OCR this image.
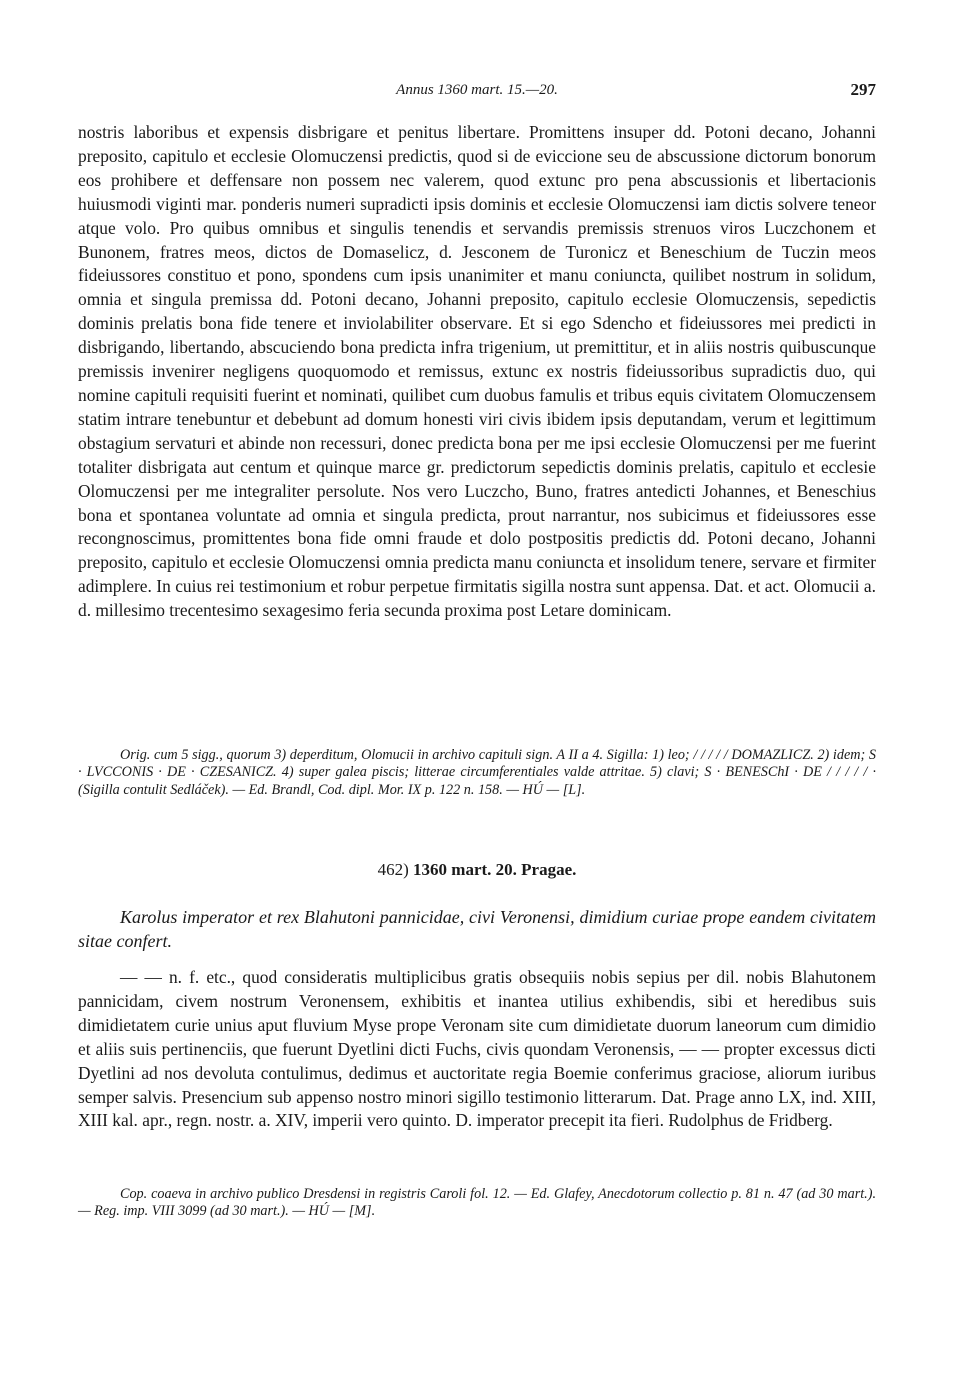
Annus 1360 mart. 15.—20.	297

nostris laboribus et expensis disbrigare et penitus libertare. Promittens insuper dd. Potoni decano, Johanni preposito, capitulo et ecclesie Olomuczensi predictis, quod si de eviccione seu de abscussione dictorum bonorum eos prohibere et deffensare non possem nec valerem, quod extunc pro pena abscussionis et libertacionis huiusmodi viginti mar. ponderis numeri supradicti ipsis dominis et ecclesie Olomuczensi iam dictis solvere teneor atque volo. Pro quibus omnibus et singulis tenendis et servandis premissis strenuos viros Luczchonem et Bunonem, fratres meos, dictos de Domaselicz, d. Jesconem de Turonicz et Beneschium de Tuczin meos fideiussores constituo et pono, spondens cum ipsis unanimiter et manu coniuncta, quilibet nostrum in solidum, omnia et singula premissa dd. Potoni decano, Johanni preposito, capitulo ecclesie Olomuczensis, sepedictis dominis prelatis bona fide tenere et inviolabiliter observare. Et si ego Sdencho et fideiussores mei predicti in disbrigando, libertando, abscuciendo bona predicta infra trigenium, ut premittitur, et in aliis nostris quibuscunque premissis invenirer negligens quoquomodo et remissus, extunc ex nostris fideiussoribus supradictis duo, qui nomine capituli requisiti fuerint et nominati, quilibet cum duobus famulis et tribus equis civitatem Olomuczensem statim intrare tenebuntur et debebunt ad domum honesti viri civis ibidem ipsis deputandam, verum et legittimum obstagium servaturi et abinde non recessuri, donec predicta bona per me ipsi ecclesie Olomuczensi per me fuerint totaliter disbrigata aut centum et quinque marce gr. predictorum sepedictis dominis prelatis, capitulo et ecclesie Olomuczensi per me integraliter persolute. Nos vero Luczcho, Buno, fratres antedicti Johannes, et Beneschius bona et spontanea voluntate ad omnia et singula predicta, prout narrantur, nos subicimus et fideiussores esse recongnoscimus, promittentes bona fide omni fraude et dolo postpositis predictis dd. Potoni decano, Johanni preposito, capitulo et ecclesie Olomuczensi omnia predicta manu coniuncta et insolidum tenere, servare et firmiter adimplere. In cuius rei testimonium et robur perpetue firmitatis sigilla nostra sunt appensa. Dat. et act. Olomucii a. d. millesimo trecentesimo sexagesimo feria secunda proxima post Letare dominicam.

Orig. cum 5 sigg., quorum 3) deperditum, Olomucii in archivo capituli sign. A II a 4. Sigilla: 1) leo; / / / / / DOMAZLICZ. 2) idem; S · LVCCONIS · DE · CZESANICZ. 4) super galea piscis; litterae circumferentiales valde attritae. 5) clavi; S · BENESChI · DE / / / / / · (Sigilla contulit Sedláček). — Ed. Brandl, Cod. dipl. Mor. IX p. 122 n. 158. — HÚ — [L].

462) 1360 mart. 20. Pragae.

Karolus imperator et rex Blahutoni pannicidae, civi Veronensi, dimidium curiae prope eandem civitatem sitae confert.

— — n. f. etc., quod consideratis multiplicibus gratis obsequiis nobis sepius per dil. nobis Blahutonem pannicidam, civem nostrum Veronensem, exhibitis et inantea utilius exhibendis, sibi et heredibus suis dimidietatem curie unius aput fluvium Myse prope Veronam site cum dimidietate duorum laneorum cum dimidio et aliis suis pertinenciis, que fuerunt Dyetlini dicti Fuchs, civis quondam Veronensis, — — propter excessus dicti Dyetlini ad nos devoluta contulimus, dedimus et auctoritate regia Boemie conferimus graciose, aliorum iuribus semper salvis. Presencium sub appenso nostro minori sigillo testimonio litterarum. Dat. Prage anno LX, ind. XIII, XIII kal. apr., regn. nostr. a. XIV, imperii vero quinto. D. imperator precepit ita fieri. Rudolphus de Fridberg.

Cop. coaeva in archivo publico Dresdensi in registris Caroli fol. 12. — Ed. Glafey, Anecdotorum collectio p. 81 n. 47 (ad 30 mart.). — Reg. imp. VIII 3099 (ad 30 mart.). — HÚ — [M].
